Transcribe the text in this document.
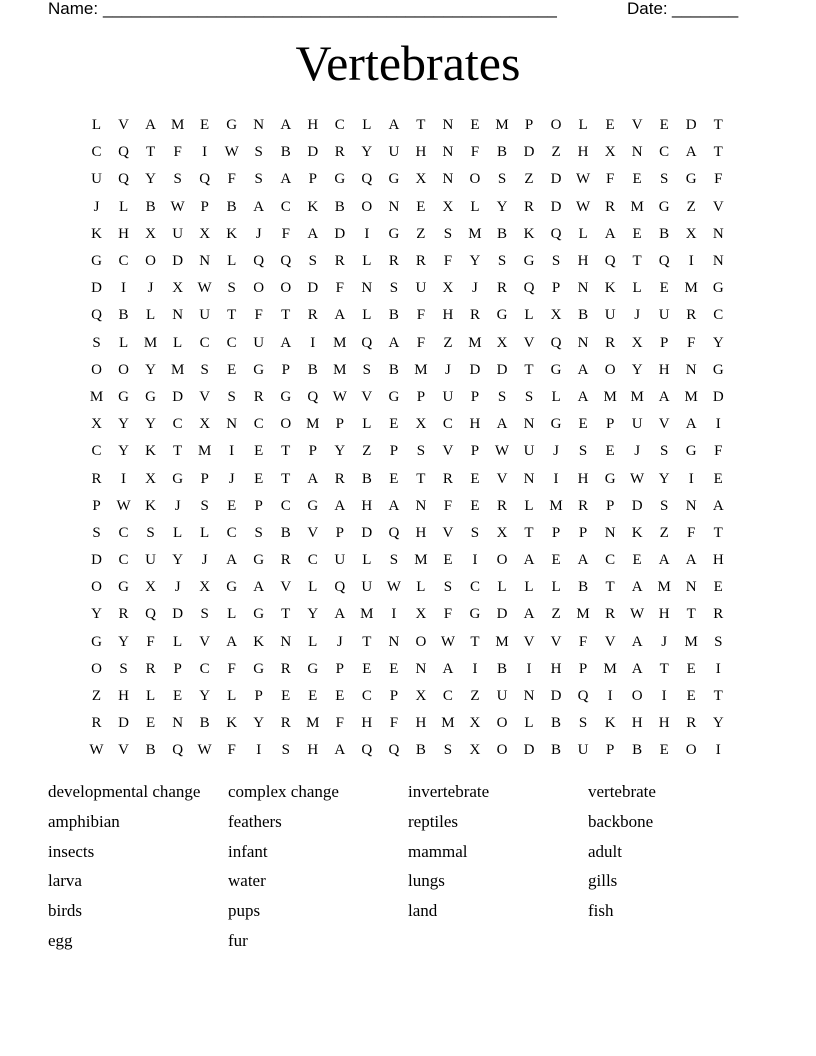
Name: ________________________________________________	Date: _______
Vertebrates
L	V	A M	E	G	N	A	H	C	L	A	T	N	E	M	P	O	L	E	V	E	D	T
C	Q	T	F	I	W	S	B	D	R	Y	U	H	N	F	B	D	Z	H	X	N	C	A	T
U	Q	Y	S	Q	F	S	A	P	G	Q	G	X	N	O	S	Z	D W	F	E	S	G	F
J	L	B W	P	B	A	C	K	B	O	N	E	X	L	Y	R	D W R	M G	Z	V
K	H	X	U	X	K	J	F	A	D	I	G	Z	S	M	B	K	Q	L	A	E	B	X	N
G	C	O	D	N	L	Q	Q	S	R	L	R	R	F	Y	S	G	S	H	Q	T	Q	I	N
D	I	J	X W	S	O	O	D	F	N	S	U	X	J	R	Q	P	N	K	L	E	M G
Q	B	L	N	U	T	F	T	R	A	L	B	F	H	R	G	L	X	B	U	J	U	R	C
S	L	M	L	C	C	U	A	I	M Q	A	F	Z	M X	V	Q	N	R	X	P	F	Y
O	O	Y M	S	E	G	P	B	M	S	B	M	J	D	D	T	G	A	O	Y	H	N	G
M G	G	D	V	S	R	G	Q W V	G	P	U	P	S	S	L	A M M A M D
X	Y	Y	C	X	N	C	O M	P	L	E	X	C	H	A	N	G	E	P	U	V	A	I
C	Y	K	T	M	I	E	T	P	Y	Z	P	S	V	P	W U	J	S	E	J	S	G	F
R	I	X	G	P	J	E	T	A	R	B	E	T	R	E	V	N	I	H	G W Y	I	E
P	W K	J	S	E	P	C	G	A	H	A	N	F	E	R	L	M	R	P	D	S	N	A
S	C	S	L	L	C	S	B	V	P	D	Q	H	V	S	X	T	P	P	N	K	Z	F	T
D	C	U	Y	J	A	G	R	C	U	L	S	M	E	I	O	A	E	A	C	E	A	A	H
O	G	X	J	X	G	A	V	L	Q	U W	L	S	C	L	L	L	B	T	A M N	E
Y	R	Q	D	S	L	G	T	Y	A M	I	X	F	G	D	A	Z	M	R W H	T	R
G	Y	F	L	V	A	K	N	L	J	T	N	O W	T	M V	V	F	V	A	J	M	S
O	S	R	P	C	F	G	R	G	P	E	E	N	A	I	B	I	H	P	M A	T	E	I
Z	H	L	E	Y	L	P	E	E	E	C	P	X	C	Z	U	N	D	Q	I	O	I	E	T
R	D	E	N	B	K	Y	R	M	F	H	F	H M X	O	L	B	S	K	H	H	R	Y
W V	B	Q W	F	I	S	H	A	Q	Q	B	S	X	O	D	B	U	P	B	E	O	I
developmental change	complex change	invertebrate	vertebrate
amphibian	feathers	reptiles	backbone
insects	infant	mammal	adult
larva	water	lungs	gills
birds	pups	land	fish
egg	fur
